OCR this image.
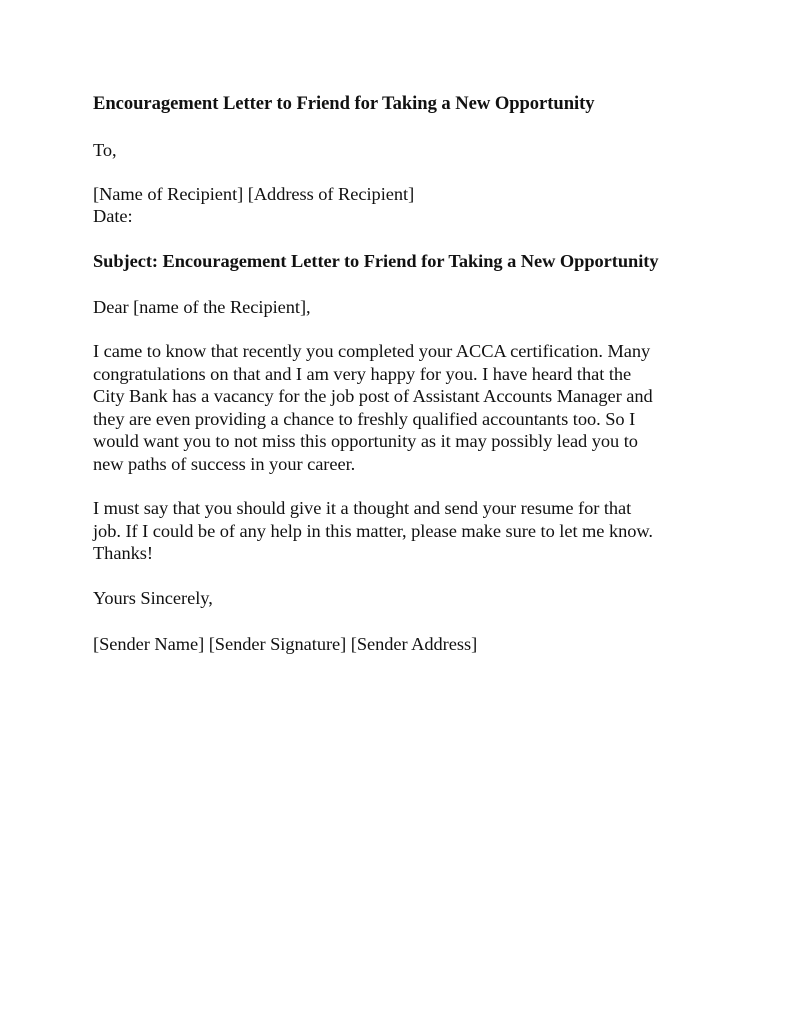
Encouragement Letter to Friend for Taking a New Opportunity
To,
[Name of Recipient] [Address of Recipient]
Date:
Subject: Encouragement Letter to Friend for Taking a New Opportunity
Dear [name of the Recipient],
I came to know that recently you completed your ACCA certification. Many
congratulations on that and I am very happy for you. I have heard that the
City Bank has a vacancy for the job post of Assistant Accounts Manager and
they are even providing a chance to freshly qualified accountants too. So I
would want you to not miss this opportunity as it may possibly lead you to
new paths of success in your career.
I must say that you should give it a thought and send your resume for that
job. If I could be of any help in this matter, please make sure to let me know.
Thanks!
Yours Sincerely,
[Sender Name] [Sender Signature] [Sender Address]
